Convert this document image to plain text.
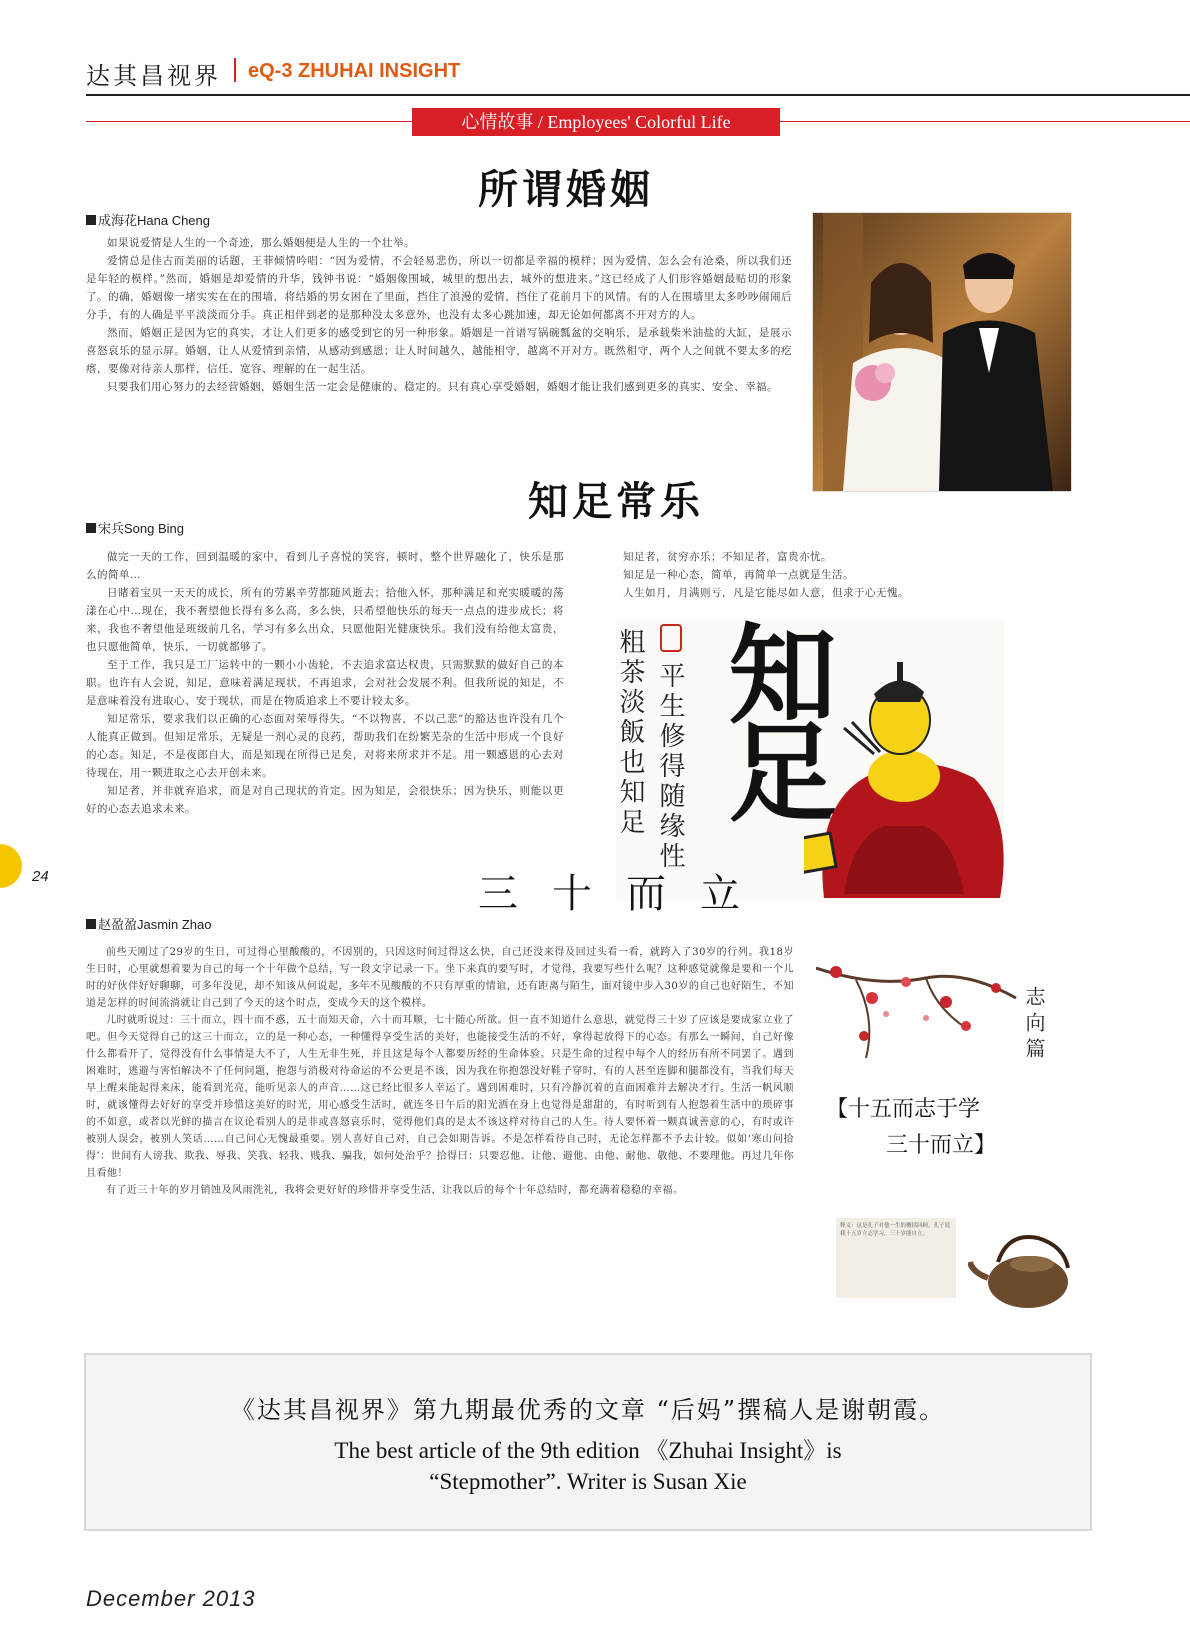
达其昌视界 eQ-3 ZHUHAI INSIGHT
心情故事 / Employees' Colorful Life
所谓婚姻
成海花Hana Cheng

如果说爱情是人生的一个奇迹，那么婚姻便是人生的一个壮举。

爱情总是佳古而美丽的话题，王菲倾情吟唱：“因为爱情，不会轻易悲伤，所以一切都是幸福的模样；因为爱情，怎么会有沧桑，所以我们还是年轻的模样。”然而，婚姻是却爱情的升华，钱钟书说：“婚姻像围城，城里的想出去，城外的想进来。”这已经成了人们形容婚姻最贴切的形象了。的确，婚姻像一堵实实在在的围墙，将结婚的男女困在了里面，挡住了浪漫的爱情，挡住了花前月下的风情。有的人在围墙里太多吵吵闹闹后分手，有的人确是平平淡淡而分手。真正相伴到老的是那种没太多意外，也没有太多心跳加速，却无论如何都离不开对方的人。

然而，婚姻正是因为它的真实，才让人们更多的感受到它的另一种形象。婚姻是一首谱写锅碗瓢盆的交响乐，是承载柴米油盐的大缸，是展示喜怒哀乐的显示屏。婚姻，让人从爱情到亲情，从感动到感恩；让人时间越久，越能相守，越离不开对方。既然相守，两个人之间就不要太多的疙瘩，要像对待亲人那样，信任、宽容、理解的在一起生活。

只要我们用心努力的去经营婚姻，婚姻生活一定会是健康的、稳定的。只有真心享受婚姻，婚姻才能让我们感到更多的真实、安全、幸福。

知足常乐
宋兵Song Bing

做完一天的工作，回到温暖的家中，看到儿子喜悦的笑容，顿时，整个世界融化了，快乐是那么的简单…

日睹着宝贝一天天的成长，所有的劳累辛劳都随风逝去；拾他入怀，那种满足和充实暖暖的荡漾在心中…现在，我不奢望他长得有多么高，多么快，只希望他快乐的每天一点点的进步成长；将来，我也不奢望他是班级前几名，学习有多么出众，只愿他阳光健康快乐。我们没有给他太富贵，也只愿他简单，快乐，一切就都够了。

至于工作，我只是工厂运转中的一颗小小齿轮，不去追求富达权贵，只需默默的做好自己的本职。也许有人会说，知足，意味着满足现状，不再追求，会对社会发展不利。但我所说的知足，不是意味着没有进取心、安于现状，而是在物质追求上不要计较太多。

知足常乐，要求我们以正确的心态面对荣辱得失。“不以物喜，不以己悲”的豁达也许没有几个人能真正做到。但知足常乐，无疑是一剂心灵的良药，帮助我们在纷繁芜杂的生活中形成一个良好的心态。知足，不是夜郎自大，而是知现在所得已足矣，对将来所求并不足。用一颗感恩的心去对待现在，用一颗进取之心去开创未来。

知足者，并非就弃追求，而是对自己现状的肯定。因为知足，会很快乐；因为快乐，则能以更好的心态去追求未来。

知足者，贫穷亦乐；不知足者，富贵亦忧。

知足是一种心态，简单，再简单一点就是生活。

人生如月，月满则亏，凡是它能尽如人意，但求于心无愧。

粗茶淡飯也知足 平生修得随缘性 知足
24	三十而立
赵盈盈Jasmin Zhao

前些天刚过了29岁的生日，可过得心里酸酸的，不因别的，只因这时间过得这么快，自己还没来得及回过头看一看，就跨入了30岁的行列。我18岁生日时，心里就想着要为自己的每一个十年做个总结，写一段文字记录一下。坐下来真的要写时，才觉得，我要写些什么呢？这种感觉就像是要和一个儿时的好伙伴好好聊聊，可多年没见，却不知该从何说起，多年不见酸酸的不只有厚重的情谊，还有距离与陌生，面对镜中步入30岁的自己也好陌生，不知道是怎样的时间流淌就让自己到了今天的这个时点，变成今天的这个模样。

儿时就听说过：三十而立，四十而不惑，五十而知天命，六十而耳顺，七十随心所欲。但一直不知道什么意思，就觉得三十岁了应该是要成家立业了吧。但今天觉得自己的这三十而立，立的是一种心态，一种懂得享受生活的美好，也能接受生活的不好，拿得起放得下的心态。有那么一瞬间，自己好像什么都看开了，觉得没有什么事情是大不了，人生无非生死，并且这是每个人都要历经的生命体验。只是生命的过程中每个人的经历有所不同罢了。遇到困难时，逃避与害怕解决不了任何问题，抱怨与消极对待命运的不公更是不该，因为我在你抱怨没好鞋子穿时，有的人甚至连脚和腿都没有，当我们每天早上醒来能起得来床，能看到光亮，能听见亲人的声音……这已经比很多人幸运了。遇到困难时，只有冷静沉着的直面困难并去解决才行。生活一帆风顺时，就该懂得去好好的享受并珍惜这美好的时光，用心感受生活时，就连冬日午后的阳光洒在身上也觉得是甜甜的，有时听到有人抱怨着生活中的琐碎事的不如意，或者以光鲜的描言在议论看别人的是非或喜怒哀乐时，觉得他们真的是太不该这样对待自己的人生。待人要怀着一颗真诚善意的心，有时或许被别人误会，被别人笑话……自己问心无愧最重要。别人喜好自己对，自己会如期告诉。不是怎样看待自己时，无论怎样都不予去计较。似如‘寒山问拾得’：世间有人谤我、欺我、辱我、笑我、轻我、贱我、骗我，如何处治乎？拾得曰：只要忍他、让他、避他、由他、耐他、敬他、不要理他。再过几年你且看他！

有了近三十年的岁月销蚀及风雨洗礼，我将会更好好的珍惜并享受生活，让我以后的每个十年总结时，都充满着稳稳的幸福。

志向篇
【十五而志于学
三十而立】
释义：这是孔子对他一生的概括回顾。孔子说我十五岁立志学习，三十岁能自立。
《达其昌视界》第九期最优秀的文章 “后妈”撰稿人是谢朝霞。
The best article of the 9th edition 《Zhuhai Insight》is
“Stepmother”. Writer is Susan Xie
December 2013
